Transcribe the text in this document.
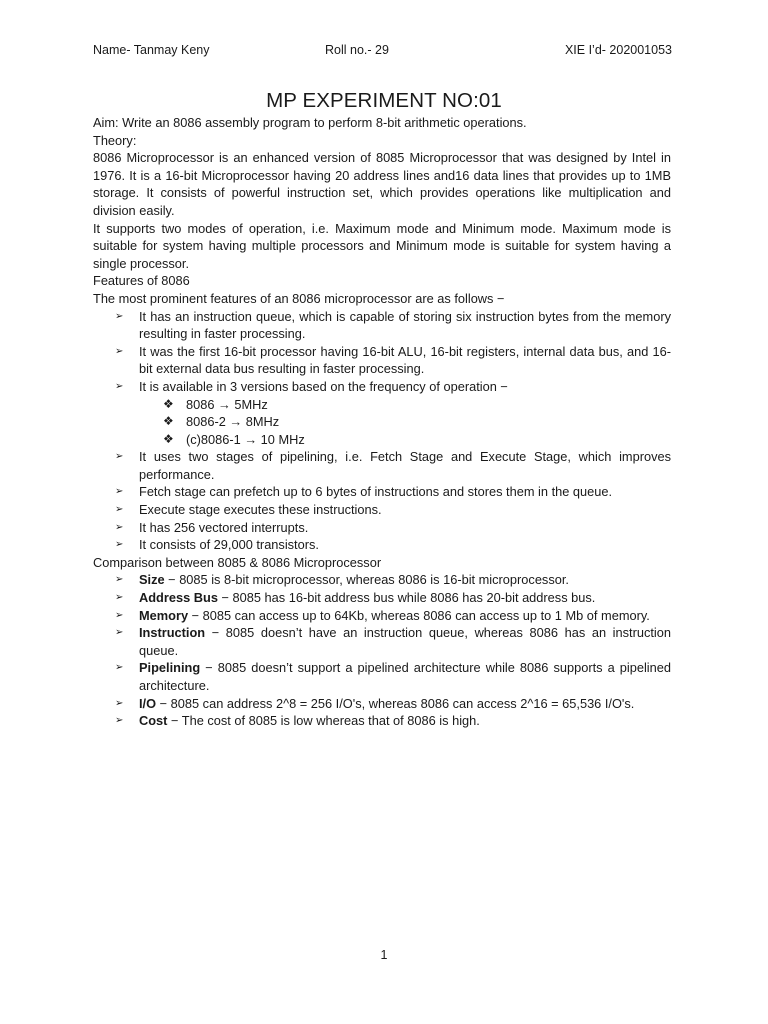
Name- Tanmay Keny	Roll no.- 29	XIE I’d- 202001053
MP EXPERIMENT NO:01

Aim: Write an 8086 assembly program to perform 8-bit arithmetic operations.

Theory:

8086 Microprocessor is an enhanced version of 8085 Microprocessor that was designed by Intel in 1976. It is a 16-bit Microprocessor having 20 address lines and16 data lines that provides up to 1MB storage. It consists of powerful instruction set, which provides operations like multiplication and division easily.

It supports two modes of operation, i.e. Maximum mode and Minimum mode. Maximum mode is suitable for system having multiple processors and Minimum mode is suitable for system having a single processor.

Features of 8086

The most prominent features of an 8086 microprocessor are as follows −

➢ It has an instruction queue, which is capable of storing six instruction bytes from the memory resulting in faster processing.
➢ It was the first 16-bit processor having 16-bit ALU, 16-bit registers, internal data bus, and 16-bit external data bus resulting in faster processing.
➢ It is available in 3 versions based on the frequency of operation −
❖ 8086 → 5MHz
❖ 8086-2 → 8MHz
❖ (c)8086-1 → 10 MHz
➢ It uses two stages of pipelining, i.e. Fetch Stage and Execute Stage, which improves performance.
➢ Fetch stage can prefetch up to 6 bytes of instructions and stores them in the queue.
➢ Execute stage executes these instructions.
➢ It has 256 vectored interrupts.
➢ It consists of 29,000 transistors.

Comparison between 8085 & 8086 Microprocessor

➢ Size − 8085 is 8-bit microprocessor, whereas 8086 is 16-bit microprocessor.
➢ Address Bus − 8085 has 16-bit address bus while 8086 has 20-bit address bus.
➢ Memory − 8085 can access up to 64Kb, whereas 8086 can access up to 1 Mb of memory.
➢ Instruction − 8085 doesn’t have an instruction queue, whereas 8086 has an instruction queue.
➢ Pipelining − 8085 doesn’t support a pipelined architecture while 8086 supports a pipelined architecture.
➢ I/O − 8085 can address 2^8 = 256 I/O's, whereas 8086 can access 2^16 = 65,536 I/O's.
➢ Cost − The cost of 8085 is low whereas that of 8086 is high.
1
